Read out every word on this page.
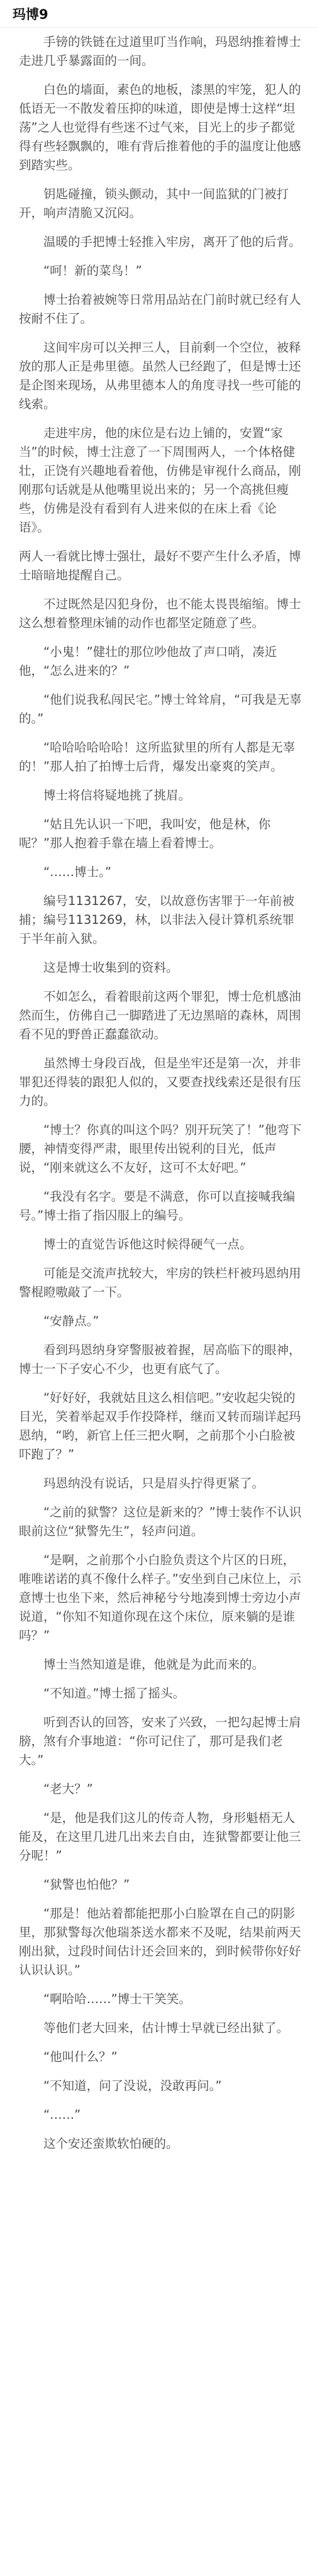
玛博9

手镑的铁链在过道里叮当作响，玛恩纳推着博士走进几乎暴露面的一间。

白色的墙面，素色的地板，漆黑的牢笼，犯人的低语无一不散发着压抑的味道，即使是博士这样“坦荡”之人也觉得有些迷不过气来，目光上的步子都觉得有些轻飘飘的，唯有背后推着他的手的温度让他感到踏实些。

钥匙碰撞，锁头颤动，其中一间监狱的门被打开，响声清脆又沉闷。

温暖的手把博士轻推入牢房，离开了他的后背。

“呵！新的菜鸟！”

博士抬着被婉等日常用品站在门前时就已经有人按耐不住了。

这间牢房可以关押三人，目前剩一个空位，被释放的那人正是弗里德。虽然人已经跑了，但是博士还是企图来现场，从弗里德本人的角度寻找一些可能的线索。

走进牢房，他的床位是右边上铺的，安置“家当”的时候，博士注意了一下周围两人，一个体格健壮，正饶有兴趣地看着他，仿佛是审视什么商品，刚刚那句话就是从他嘴里说出来的；另一个高挑但瘦些，仿佛是没有看到有人进来似的在床上看《论语》。

两人一看就比博士强壮，最好不要产生什么矛盾，博士暗暗地提醒自己。

不过既然是囚犯身份，也不能太畏畏缩缩。博士这么想着整理床铺的动作也都坚定随意了些。

“小鬼！”健壮的那位吵他故了声口哨，凑近他，“怎么进来的？”

“他们说我私闯民宅。”博士耸耸肩，“可我是无辜的。”

“哈哈哈哈哈哈！这所监狱里的所有人都是无辜的！”那人拍了拍博士后背，爆发出豪爽的笑声。

博士将信将疑地挑了挑眉。

“姑且先认识一下吧，我叫安，他是林，你呢？”那人抱着手靠在墙上看着博士。

“……博士。”

编号1131267，安，以故意伤害罪于一年前被捕；编号1131269，林，以非法入侵计算机系统罪于半年前入狱。

这是博士收集到的资料。

不如怎么，看着眼前这两个罪犯，博士危机感油然而生，仿佛自己一脚踏进了无边黑暗的森林，周围看不见的野兽正蠢蠢欲动。

虽然博士身段百战，但是坐牢还是第一次，并非罪犯还得装的跟犯人似的，又要查找线索还是很有压力的。

“博士？你真的叫这个吗？别开玩笑了！”他弯下腰，神情变得严肃，眼里传出锐利的目光，低声说，“刚来就这么不友好，这可不太好吧。”

“我没有名字。要是不满意，你可以直接喊我编号。”博士指了指囚服上的编号。

博士的直觉告诉他这时候得硬气一点。

可能是交流声扰较大，牢房的铁栏杆被玛恩纳用警棍瞪嗷敲了一下。

“安静点。”

看到玛恩纳身穿警服被着握，居高临下的眼神，博士一下子安心不少，也更有底气了。

“好好好，我就姑且这么相信吧。”安收起尖锐的目光，笑着举起双手作投降样，继而又转而瑞详起玛恩纳，“哟，新官上任三把火啊，之前那个小白脸被吓跑了？”

玛恩纳没有说话，只是眉头拧得更紧了。

“之前的狱警？这位是新来的？”博士装作不认识眼前这位“狱警先生”，轻声问道。

“是啊，之前那个小白脸负责这个片区的日班，唯唯诺诺的真不像什么样子。”安坐到自己床位上，示意博士也坐下来，然后神秘兮兮地凑到博士旁边小声说道，“你知不知道你现在这个床位，原来躺的是谁吗？”

博士当然知道是谁，他就是为此而来的。

“不知道。”博士摇了摇头。

听到否认的回答，安来了兴致，一把勾起博士肩膀，煞有介事地道：“你可记住了，那可是我们老大。”

“老大？”

“是，他是我们这儿的传奇人物，身形魁梧无人能及，在这里几进几出来去自由，连狱警都要让他三分呢！”

“狱警也怕他？”

“那是！他站着都能把那小白脸罩在自己的阴影里，那狱警每次他瑞茶送水都来不及呢，结果前两天刚出狱，过段时间估计还会回来的，到时候带你好好认识认识。”

“啊哈哈……”博士干笑笑。

等他们老大回来，估计博士早就已经出狱了。

“他叫什么？”

“不知道，问了没说，没敢再问。”

“……”

这个安还蛮欺软怕硬的。
